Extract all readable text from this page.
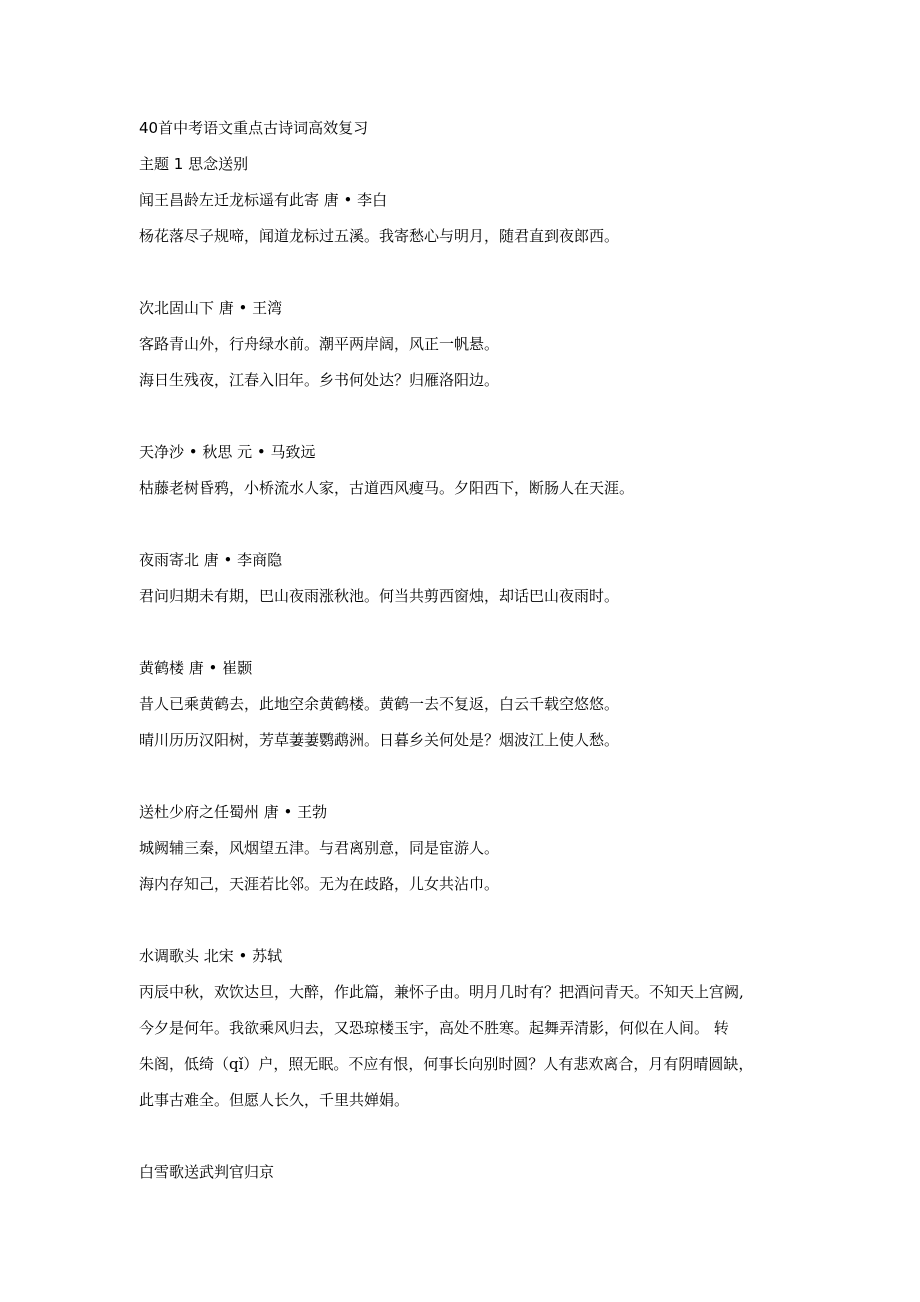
40首中考语文重点古诗词高效复习
主题 1 思念送别
闻王昌龄左迁龙标遥有此寄 唐 • 李白
杨花落尽子规啼，闻道龙标过五溪。我寄愁心与明月，随君直到夜郎西。
次北固山下 唐 • 王湾
客路青山外，行舟绿水前。潮平两岸阔，风正一帆悬。
海日生残夜，江春入旧年。乡书何处达？归雁洛阳边。
天净沙 • 秋思 元 • 马致远
枯藤老树昏鸦，小桥流水人家，古道西风瘦马。夕阳西下，断肠人在天涯。
夜雨寄北 唐 • 李商隐
君问归期未有期，巴山夜雨涨秋池。何当共剪西窗烛，却话巴山夜雨时。
黄鹤楼 唐 • 崔颢
昔人已乘黄鹤去，此地空余黄鹤楼。黄鹤一去不复返，白云千载空悠悠。
晴川历历汉阳树，芳草萋萋鹦鹉洲。日暮乡关何处是？烟波江上使人愁。
送杜少府之任蜀州 唐 • 王勃
城阙辅三秦，风烟望五津。与君离别意，同是宦游人。
海内存知己，天涯若比邻。无为在歧路，儿女共沾巾。
水调歌头 北宋 • 苏轼
丙辰中秋，欢饮达旦，大醉，作此篇，兼怀子由。明月几时有？把酒问青天。不知天上宫阙,
今夕是何年。我欲乘风归去，又恐琼楼玉宇，高处不胜寒。起舞弄清影，何似在人间。 转
朱阁，低绮（qǐ）户，照无眠。不应有恨，何事长向别时圆？人有悲欢离合，月有阴晴圆缺，
此事古难全。但愿人长久，千里共婵娟。
白雪歌送武判官归京
